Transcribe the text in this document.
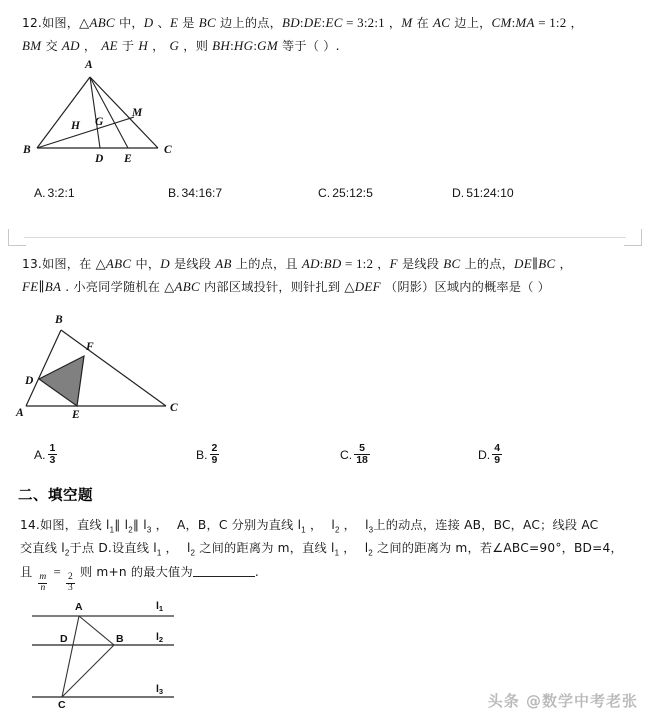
12.如图，△ABC 中，D 、E 是 BC 边上的点，BD:DE:EC = 3:2:1 ，M 在 AC 边上，CM:MA = 1:2 ，
BM 交 AD ， AE 于 H ， G ，则 BH:HG:GM 等于（ ）.
A
B	C
D E
H G
M
A. 3:2:1	B. 34:16:7	C. 25:12:5	D. 51:24:10
13.如图，在 △ABC 中，D 是线段 AB 上的点，且 AD:BD = 1:2 ，F 是线段 BC 上的点，DE∥BC ，
FE∥BA . 小亮同学随机在 △ABC 内部区域投针，则针扎到 △DEF （阴影）区域内的概率是（ ）
B
A	C
D
E
F
A. $\frac{1}{3}$	B. $\frac{2}{9}$	C. $\frac{5}{18}$	D. $\frac{4}{9}$
二、填空题
14.如图，直线 $l_1\parallel$ $l_2\parallel$ $l_3$ ， A，B，C 分别为直线 $l_1$ ， $l_2$ ， $l_3$上的动点，连接 AB，BC，AC；线段 AC
交直线 $l_2$于点 D.设直线 $l_1$ ， $l_2$ 之间的距离为 m，直线 $l_1$ ， $l_2$ 之间的距离为 m，若∠ABC=90°，BD=4，
且
$\frac{m}{n}$
=
$\frac{2}{3}$
则 m+n 的最大值为	.
A
B
C
D
l1
l2
l3
头条 @数学中考老张
